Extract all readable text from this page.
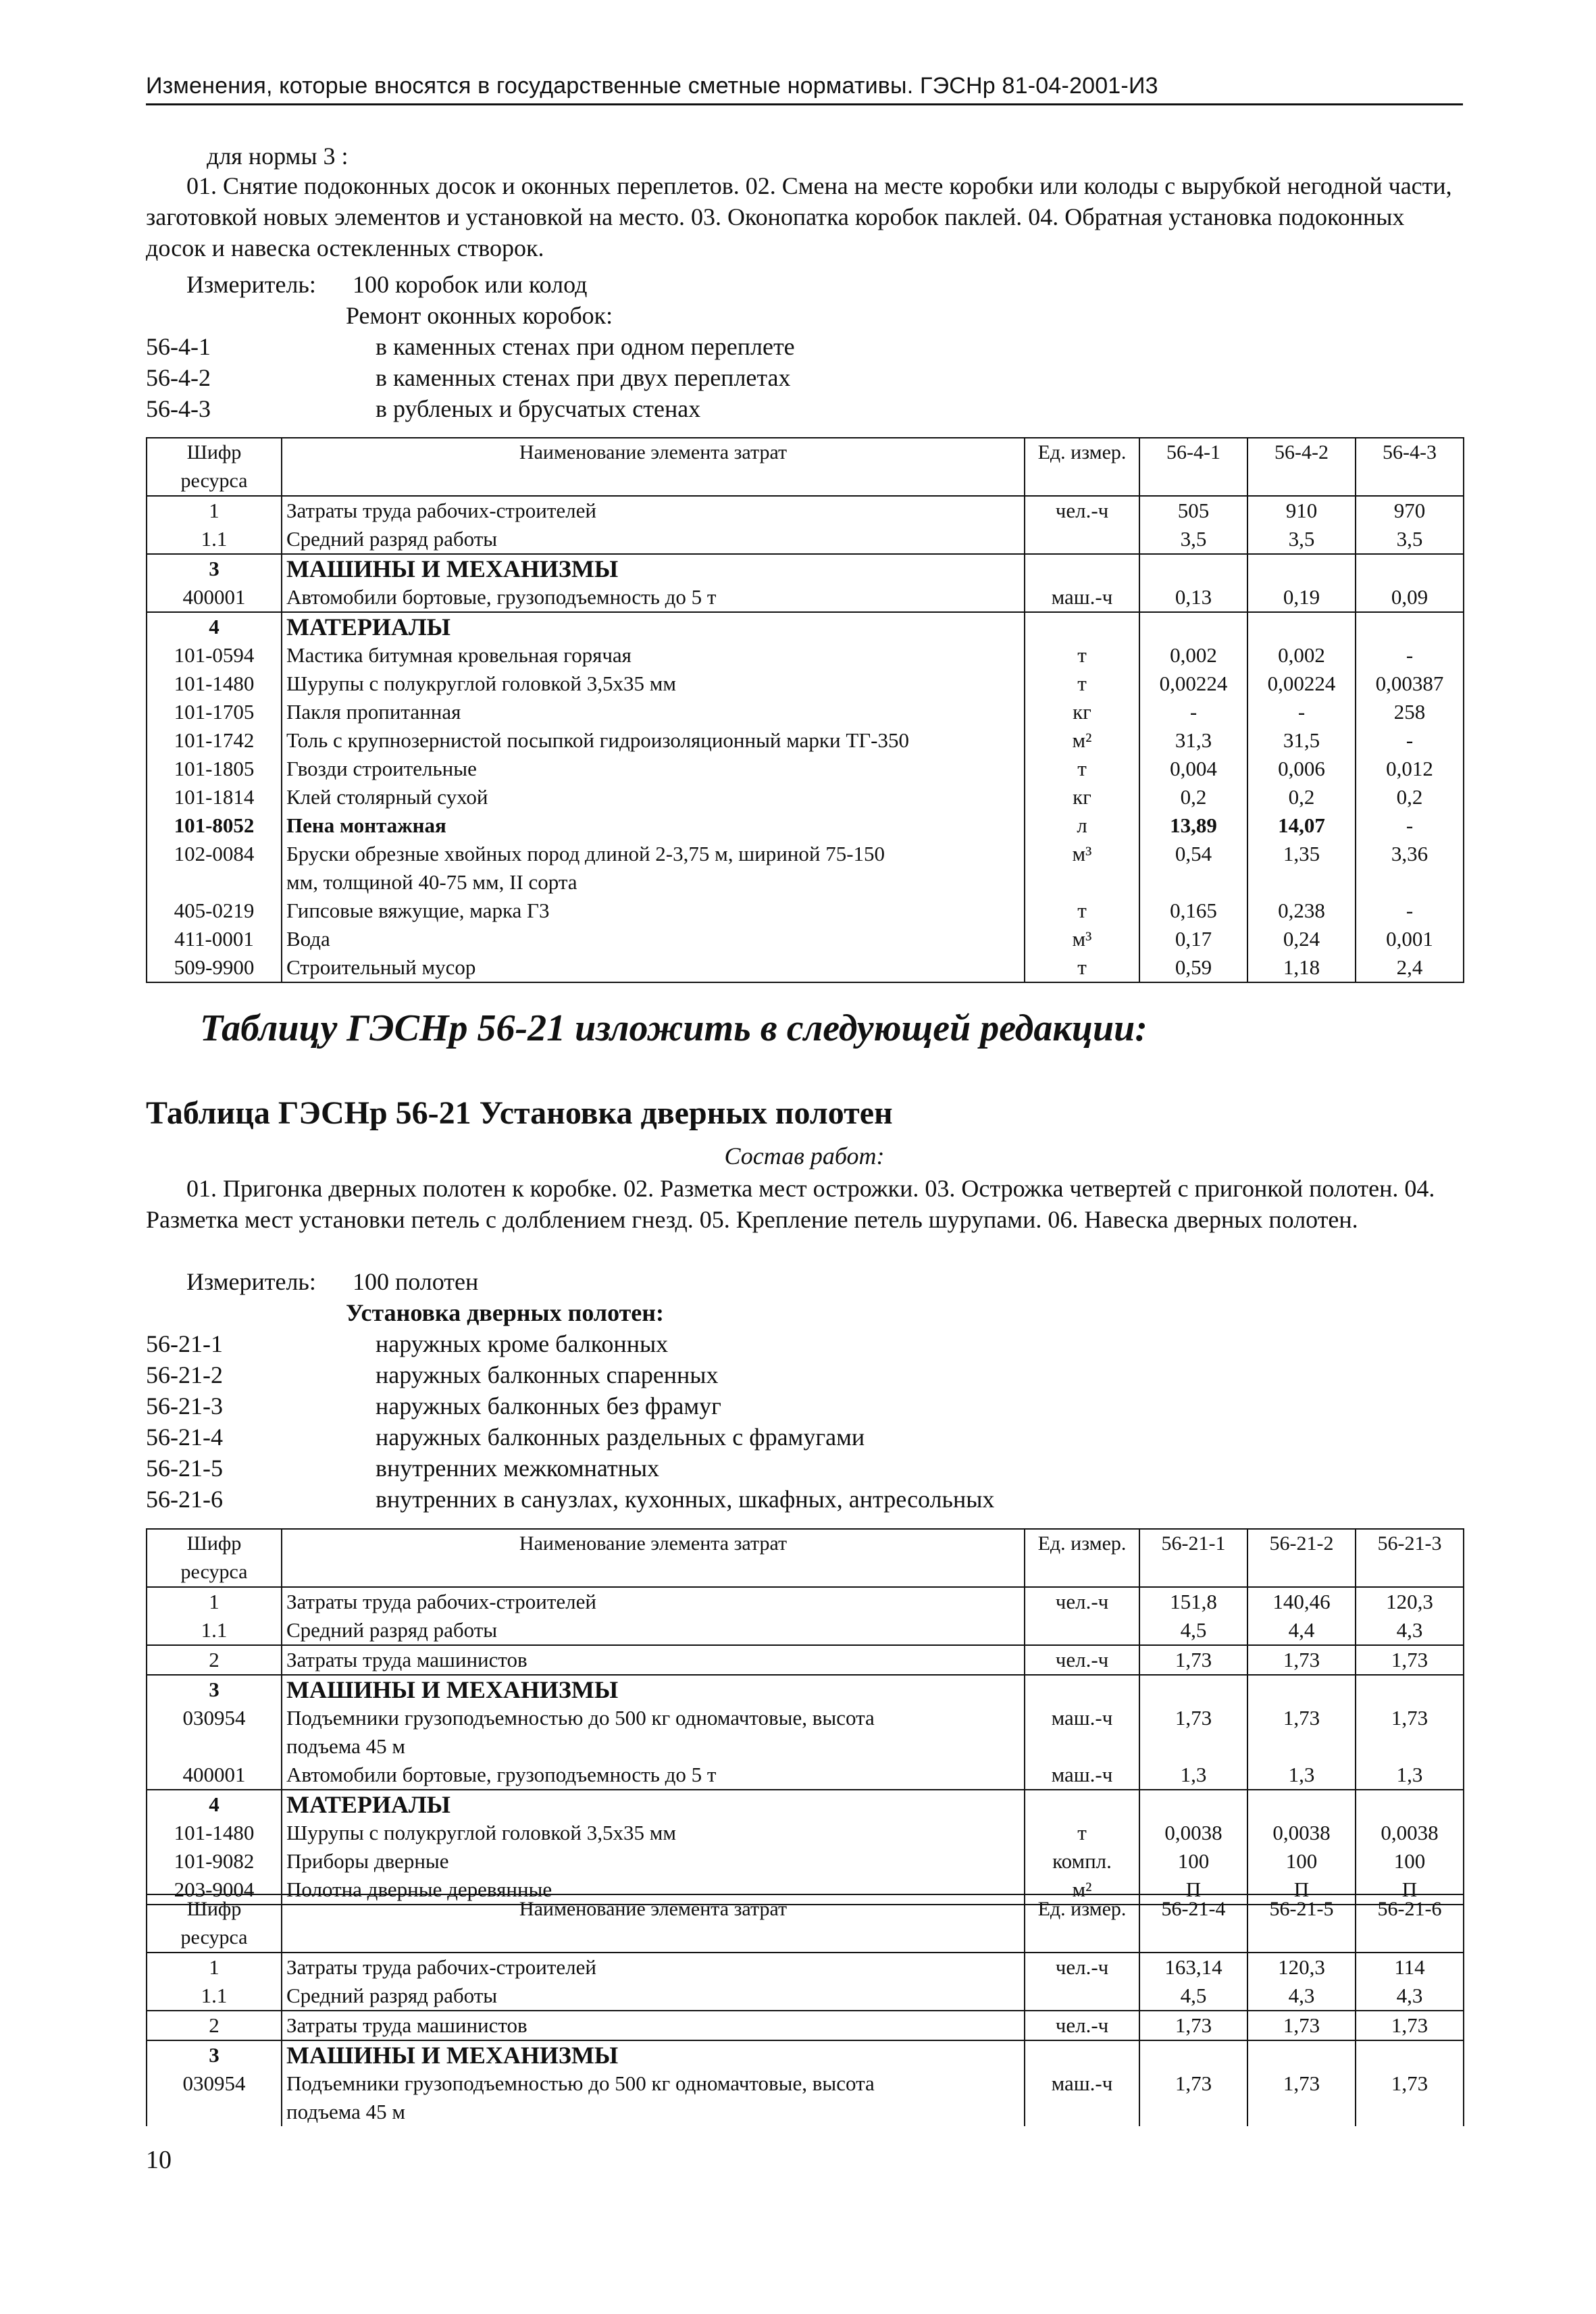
Изменения, которые вносятся в государственные сметные нормативы. ГЭСНр 81-04-2001-И3
для нормы 3 :
01. Снятие подоконных досок и оконных переплетов. 02. Смена на месте коробки или колоды с вырубкой негодной части, заготовкой новых элементов и установкой на место. 03. Оконопатка коробок паклей. 04. Обратная установка подоконных досок и навеска остекленных створок.
Измеритель: 100 коробок или колод
Ремонт оконных коробок:
56-4-1	в каменных стенах при одном переплете
56-4-2	в каменных стенах при двух переплетах
56-4-3	в рубленых и брусчатых стенах
Шифр ресурса	Наименование элемента затрат	Ед. измер.	56-4-1	56-4-2	56-4-3
1	Затраты труда рабочих-строителей	чел.-ч	505	910	970
1.1	Средний разряд работы		3,5	3,5	3,5
3	МАШИНЫ И МЕХАНИЗМЫ				
400001	Автомобили бортовые, грузоподъемность до 5 т	маш.-ч	0,13	0,19	0,09
4	МАТЕРИАЛЫ				
101-0594	Мастика битумная кровельная горячая	т	0,002	0,002	-
101-1480	Шурупы с полукруглой головкой 3,5х35 мм	т	0,00224	0,00224	0,00387
101-1705	Пакля пропитанная	кг	-	-	258
101-1742	Толь с крупнозернистой посыпкой гидроизоляционный марки ТГ-350	м²	31,3	31,5	-
101-1805	Гвозди строительные	т	0,004	0,006	0,012
101-1814	Клей столярный сухой	кг	0,2	0,2	0,2
101-8052	Пена монтажная	л	13,89	14,07	-
102-0084	Бруски обрезные хвойных пород длиной 2-3,75 м, шириной 75-150	м³	0,54	1,35	3,36
	мм, толщиной 40-75 мм, II сорта				
405-0219	Гипсовые вяжущие, марка Г3	т	0,165	0,238	-
411-0001	Вода	м³	0,17	0,24	0,001
509-9900	Строительный мусор	т	0,59	1,18	2,4
Таблицу ГЭСНр 56-21 изложить в следующей редакции:
Таблица ГЭСНр 56-21 Установка дверных полотен
Состав работ:
01. Пригонка дверных полотен к коробке. 02. Разметка мест острожки. 03. Острожка четвертей с пригонкой полотен. 04. Разметка мест установки петель с долблением гнезд. 05. Крепление петель шурупами. 06. Навеска дверных полотен.
Измеритель: 100 полотен
Установка дверных полотен:
56-21-1	наружных кроме балконных
56-21-2	наружных балконных спаренных
56-21-3	наружных балконных без фрамуг
56-21-4	наружных балконных раздельных с фрамугами
56-21-5	внутренних межкомнатных
56-21-6	внутренних в санузлах, кухонных, шкафных, антресольных
Шифр ресурса	Наименование элемента затрат	Ед. измер.	56-21-1	56-21-2	56-21-3
1	Затраты труда рабочих-строителей	чел.-ч	151,8	140,46	120,3
1.1	Средний разряд работы		4,5	4,4	4,3
2	Затраты труда машинистов	чел.-ч	1,73	1,73	1,73
3	МАШИНЫ И МЕХАНИЗМЫ				
030954	Подъемники грузоподъемностью до 500 кг одномачтовые, высота	маш.-ч	1,73	1,73	1,73
	подъема 45 м				
400001	Автомобили бортовые, грузоподъемность до 5 т	маш.-ч	1,3	1,3	1,3
4	МАТЕРИАЛЫ				
101-1480	Шурупы с полукруглой головкой 3,5х35 мм	т	0,0038	0,0038	0,0038
101-9082	Приборы дверные	компл.	100	100	100
203-9004	Полотна дверные деревянные	м²	П	П	П
Шифр ресурса	Наименование элемента затрат	Ед. измер.	56-21-4	56-21-5	56-21-6
1	Затраты труда рабочих-строителей	чел.-ч	163,14	120,3	114
1.1	Средний разряд работы		4,5	4,3	4,3
2	Затраты труда машинистов	чел.-ч	1,73	1,73	1,73
3	МАШИНЫ И МЕХАНИЗМЫ				
030954	Подъемники грузоподъемностью до 500 кг одномачтовые, высота	маш.-ч	1,73	1,73	1,73
	подъема 45 м				
10
